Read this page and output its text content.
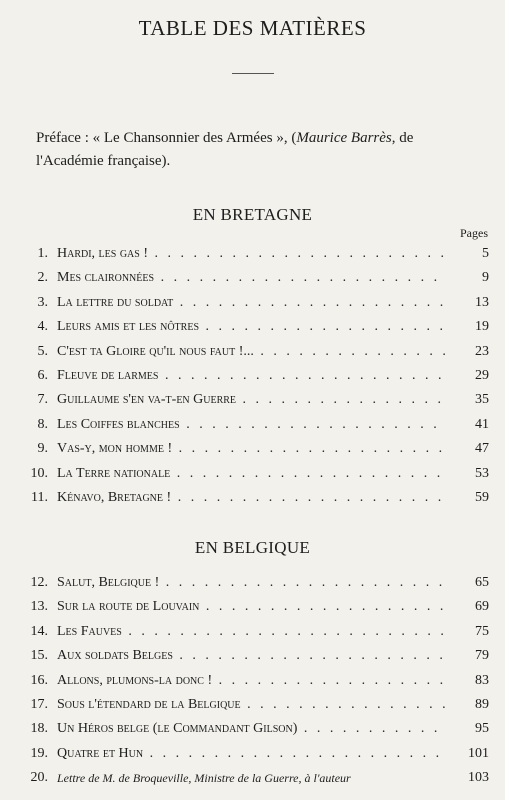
TABLE DES MATIÈRES
Préface : « Le Chansonnier des Armées », (Maurice Barrès, de l'Académie française).
EN BRETAGNE
Pages
1. Hardi, les gas ! . . .	5
2. Mes claironnées . . .	9
3. La lettre du soldat . . .	13
4. Leurs amis et les nôtres . . .	19
5. C'est ta Gloire qu'il nous faut !... . . .	23
6. Fleuve de larmes . . .	29
7. Guillaume s'en va-t-en Guerre . . .	35
8. Les Coiffes blanches . . .	41
9. Vas-y, mon homme ! . . .	47
10. La Terre nationale . . .	53
11. Kénavo, Bretagne ! . . .	59
EN BELGIQUE
12. Salut, Belgique ! . . .	65
13. Sur la route de Louvain . . .	69
14. Les Fauves . . .	75
15. Aux soldats Belges . . .	79
16. Allons, plumons-la donc ! . . .	83
17. Sous l'étendard de la Belgique . . .	89
18. Un Héros belge (le Commandant Gilson) . . .	95
19. Quatre et Hun . . .	101
20. Lettre de M. de Broqueville, Ministre de la Guerre, à l'auteur	103
